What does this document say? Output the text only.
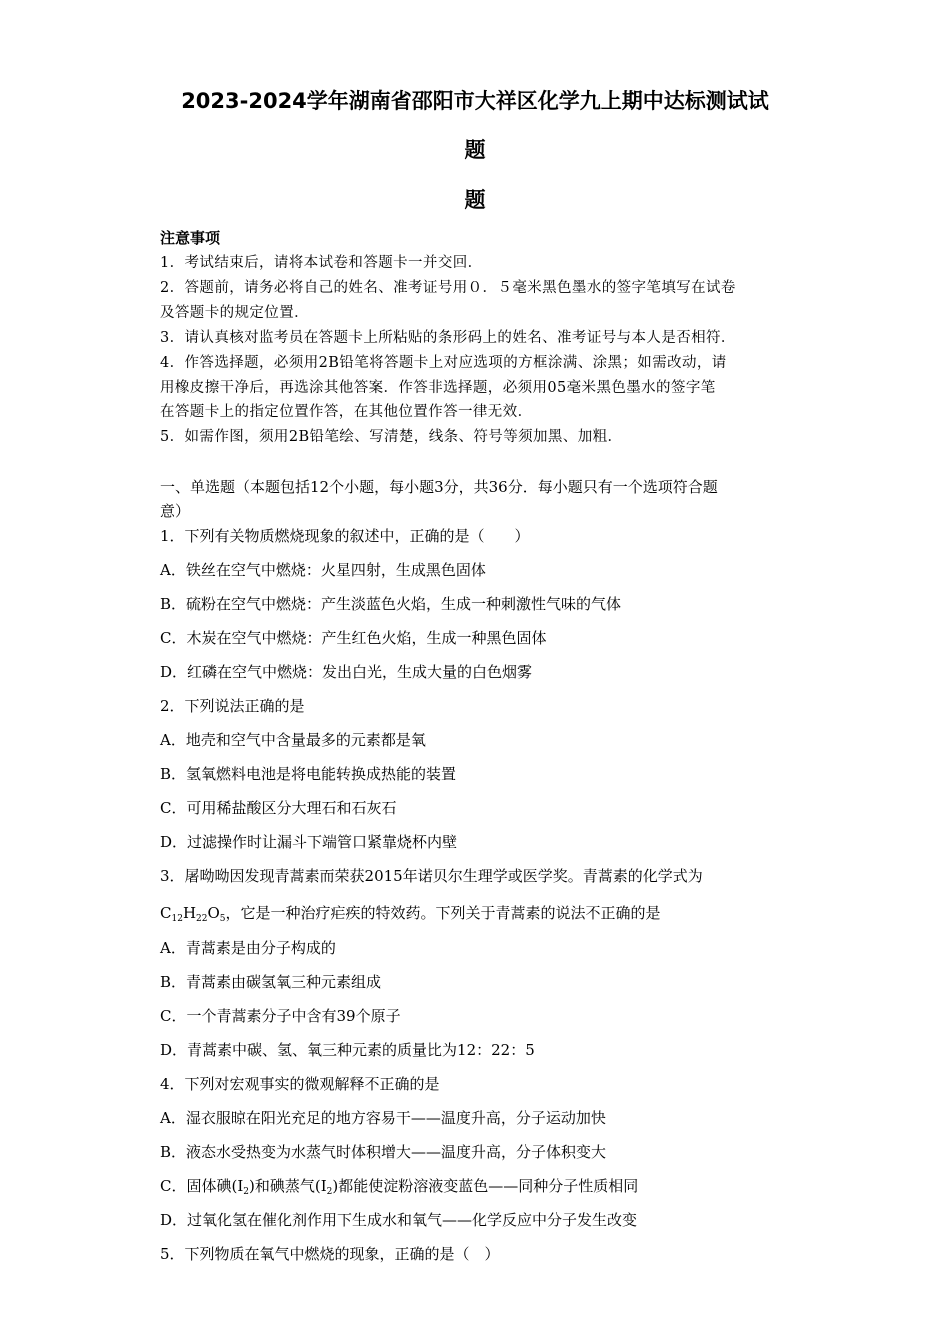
2023-2024学年湖南省邵阳市大祥区化学九上期中达标测试试
题
题
注意事项
1．考试结束后，请将本试卷和答题卡一并交回．
2．答题前，请务必将自己的姓名、准考证号用０．５毫米黑色墨水的签字笔填写在试卷
及答题卡的规定位置．
3．请认真核对监考员在答题卡上所粘贴的条形码上的姓名、准考证号与本人是否相符．
4．作答选择题，必须用2B铅笔将答题卡上对应选项的方框涂满、涂黑；如需改动，请
用橡皮擦干净后，再选涂其他答案．作答非选择题，必须用05毫米黑色墨水的签字笔
在答题卡上的指定位置作答，在其他位置作答一律无效．
5．如需作图，须用2B铅笔绘、写清楚，线条、符号等须加黑、加粗．
一、单选题（本题包括12个小题，每小题3分，共36分．每小题只有一个选项符合题
意）
1．下列有关物质燃烧现象的叙述中，正确的是（　　）
A．铁丝在空气中燃烧：火星四射，生成黑色固体
B．硫粉在空气中燃烧：产生淡蓝色火焰，生成一种刺激性气味的气体
C．木炭在空气中燃烧：产生红色火焰，生成一种黑色固体
D．红磷在空气中燃烧：发出白光，生成大量的白色烟雾
2．下列说法正确的是
A．地壳和空气中含量最多的元素都是氧
B．氢氧燃料电池是将电能转换成热能的装置
C．可用稀盐酸区分大理石和石灰石
D．过滤操作时让漏斗下端管口紧靠烧杯内壁
3．屠呦呦因发现青蒿素而荣获2015年诺贝尔生理学或医学奖。青蒿素的化学式为
$C_{12}H_{22}O_5$，它是一种治疗疟疾的特效药。下列关于青蒿素的说法不正确的是
A．青蒿素是由分子构成的
B．青蒿素由碳氢氧三种元素组成
C．一个青蒿素分子中含有39个原子
D．青蒿素中碳、氢、氧三种元素的质量比为12：22：5
4．下列对宏观事实的微观解释不正确的是
A．湿衣服晾在阳光充足的地方容易干——温度升高，分子运动加快
B．液态水受热变为水蒸气时体积增大——温度升高，分子体积变大
C．固体碘$(I_2)$和碘蒸气$(I_2)$都能使淀粉溶液变蓝色——同种分子性质相同
D．过氧化氢在催化剂作用下生成水和氧气——化学反应中分子发生改变
5．下列物质在氧气中燃烧的现象，正确的是（　）
